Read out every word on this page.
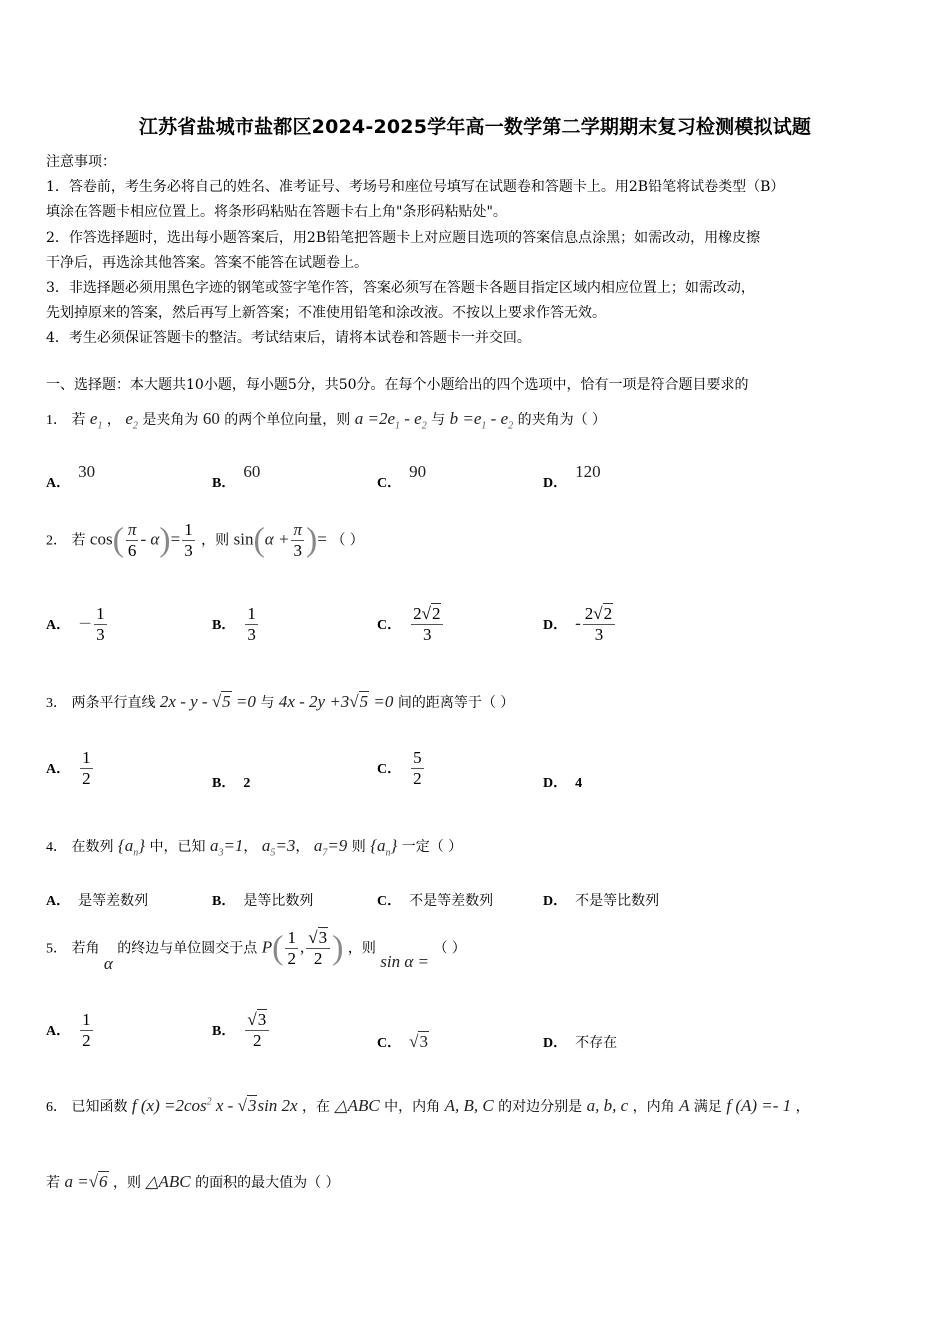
江苏省盐城市盐都区2024-2025学年高一数学第二学期期末复习检测模拟试题

注意事项：

1．答卷前，考生务必将自己的姓名、准考证号、考场号和座位号填写在试题卷和答题卡上。用2B铅笔将试卷类型（B）

填涂在答题卡相应位置上。将条形码粘贴在答题卡右上角"条形码粘贴处"。

2．作答选择题时，选出每小题答案后，用2B铅笔把答题卡上对应题目选项的答案信息点涂黑；如需改动，用橡皮擦

干净后，再选涂其他答案。答案不能答在试题卷上。

3．非选择题必须用黑色字迹的钢笔或签字笔作答，答案必须写在答题卡各题目指定区域内相应位置上；如需改动，

先划掉原来的答案，然后再写上新答案；不准使用铅笔和涂改液。不按以上要求作答无效。

4．考生必须保证答题卡的整洁。考试结束后，请将本试卷和答题卡一并交回。

一、选择题：本大题共10小题，每小题5分，共50分。在每个小题给出的四个选项中，恰有一项是符合题目要求的
1． 若 $e_1$ ， $e_2$ 是夹角为 60 的两个单位向量，则 $a =2e_1 - e_2$ 与 $b =e_1 - e_2$ 的夹角为（ ）
A．30
B．60
C．90
D．120
2． 若 $\cos( \frac{\pi}{6} - \alpha)= \frac{1}{3}$ ，则 $\sin(\alpha + \frac{\pi}{3}$ )= （ ）
A． － $\frac{1}{3}$	B． $\frac{1}{3}$	C． $\frac{2√2}{3}$	D． - $\frac{2√2}{3}$
3． 两条平行直线 2x - y - √5 =0 与 4x - 2y +3√5 =0 间的距离等于（ ）
A． $\frac{1}{2}$	B． 2
C． $\frac{5}{2}$	D． 4
4． 在数列 $\{a_n\}$ 中，已知 $a_3=1$， $a_5=3$， $a_7=9$ 则 $\{a_n\}$ 一定（ ）
A． 是等差数列	B． 是等比数列	C． 不是等差数列	D． 不是等比数列
5． 若角 α 的终边与单位圆交于点 $P( \frac{1}{2}$ , $\frac{√3}{2}$ ) ，则 sin α = （ ）
A． $\frac{1}{2}$	B． $\frac{√3}{2}$	C． √3	D． 不存在
6． 已知函数 f $(x) =2\cos^2$ x - √3sin 2x ，在 △ABC 中，内角 A, B, C 的对边分别是 a, b, c ，内角 A 满足 f (A) =- 1 ，
若 a =√6 ，则 △ABC 的面积的最大值为（ ）
